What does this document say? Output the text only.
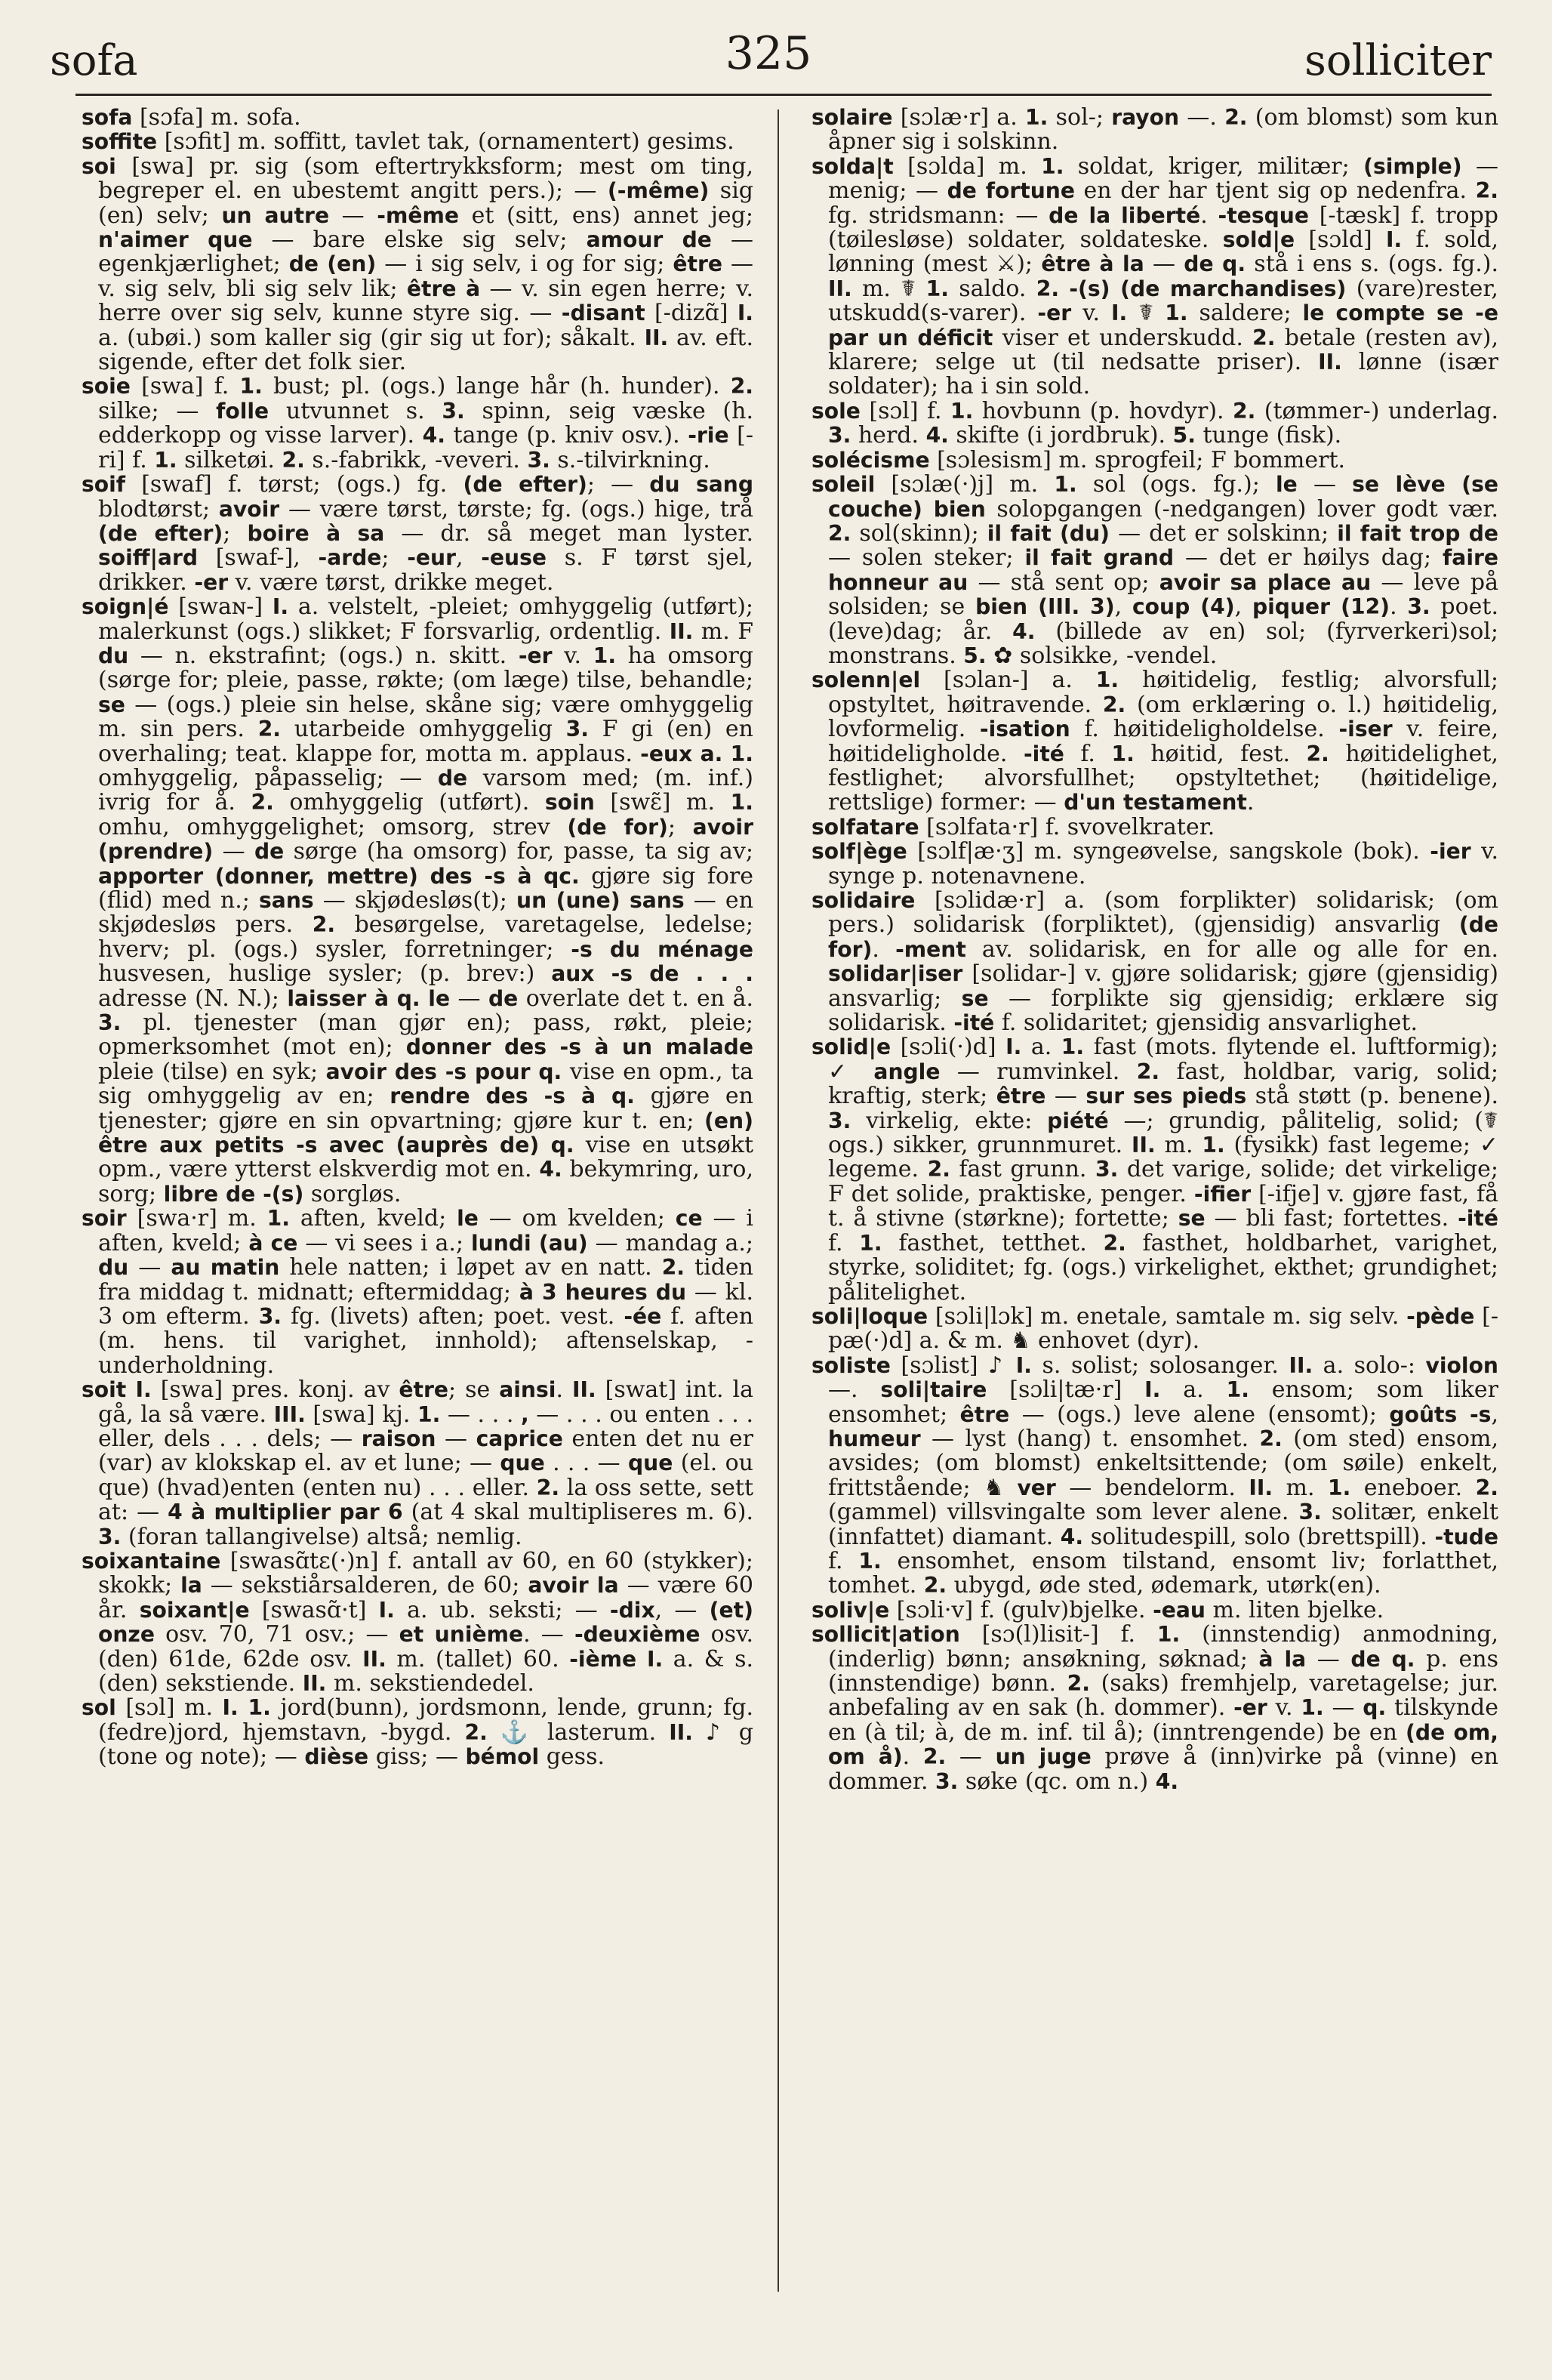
sofa	325	solliciter

sofa [sɔfa] m. sofa.

soffite [sɔfit] m. soffitt, tavlet tak, (ornamentert) gesims.

soi [swa] pr. sig (som eftertrykksform; mest om ting, begreper el. en ubestemt angitt pers.); — (-même) sig (en) selv; un autre — -même et (sitt, ens) annet jeg; n'aimer que — bare elske sig selv; amour de — egenkjærlighet; de (en) — i sig selv, i og for sig; être — v. sig selv, bli sig selv lik; être à — v. sin egen herre; v. herre over sig selv, kunne styre sig. — -disant [-dizɑ̃] I. a. (ubøi.) som kaller sig (gir sig ut for); såkalt. II. av. eft. sigende, efter det folk sier.

soie [swa] f. 1. bust; pl. (ogs.) lange hår (h. hunder). 2. silke; — folle utvunnet s. 3. spinn, seig væske (h. edderkopp og visse larver). 4. tange (p. kniv osv.). -rie [-ri] f. 1. silketøi. 2. s.-fabrikk, -veveri. 3. s.-tilvirkning.

soif [swaf] f. tørst; (ogs.) fg. (de efter); — du sang blodtørst; avoir — være tørst, tørste; fg. (ogs.) hige, trå (de efter); boire à sa — dr. så meget man lyster. soiff|ard [swaf-], -arde; -eur, -euse s. F tørst sjel, drikker. -er v. være tørst, drikke meget.

soign|é [swaɴ-] I. a. velstelt, -pleiet; omhyggelig (utført); malerkunst (ogs.) slikket; F forsvarlig, ordentlig. II. m. F du — n. ekstrafint; (ogs.) n. skitt. -er v. 1. ha omsorg (sørge for; pleie, passe, røkte; (om læge) tilse, behandle; se — (ogs.) pleie sin helse, skåne sig; være omhyggelig m. sin pers. 2. utarbeide omhyggelig 3. F gi (en) en overhaling; teat. klappe for, motta m. applaus. -eux a. 1. omhyggelig, påpasselig; — de varsom med; (m. inf.) ivrig for å. 2. omhyggelig (utført). soin [swɛ̃] m. 1. omhu, omhyggelighet; omsorg, strev (de for); avoir (prendre) — de sørge (ha omsorg) for, passe, ta sig av; apporter (donner, mettre) des -s à qc. gjøre sig fore (flid) med n.; sans — skjødesløs(t); un (une) sans — en skjødesløs pers. 2. besørgelse, varetagelse, ledelse; hverv; pl. (ogs.) sysler, forretninger; -s du ménage husvesen, huslige sysler; (p. brev:) aux -s de . . . adresse (N. N.); laisser à q. le — de overlate det t. en å. 3. pl. tjenester (man gjør en); pass, røkt, pleie; opmerksomhet (mot en); donner des -s à un malade pleie (tilse) en syk; avoir des -s pour q. vise en opm., ta sig omhyggelig av en; rendre des -s à q. gjøre en tjenester; gjøre en sin opvartning; gjøre kur t. en; (en) être aux petits -s avec (auprès de) q. vise en utsøkt opm., være ytterst elskverdig mot en. 4. bekymring, uro, sorg; libre de -(s) sorgløs.

soir [swa·r] m. 1. aften, kveld; le — om kvelden; ce — i aften, kveld; à ce — vi sees i a.; lundi (au) — mandag a.; du — au matin hele natten; i løpet av en natt. 2. tiden fra middag t. midnatt; eftermiddag; à 3 heures du — kl. 3 om efterm. 3. fg. (livets) aften; poet. vest. -ée f. aften (m. hens. til varighet, innhold); aftenselskap, -underholdning.

soit I. [swa] pres. konj. av être; se ainsi. II. [swat] int. la gå, la så være. III. [swa] kj. 1. — . . . , — . . . ou enten . . . eller, dels . . . dels; — raison — caprice enten det nu er (var) av klokskap el. av et lune; — que . . . — que (el. ou que) (hvad)enten (enten nu) . . . eller. 2. la oss sette, sett at: — 4 à multiplier par 6 (at 4 skal multipliseres m. 6). 3. (foran tallangivelse) altså; nemlig.

soixantaine [swasɑ̃tɛ(·)n] f. antall av 60, en 60 (stykker); skokk; la — sekstiårsalderen, de 60; avoir la — være 60 år. soixant|e [swasɑ̃·t] I. a. ub. seksti; — -dix, — (et) onze osv. 70, 71 osv.; — et unième. — -deuxième osv. (den) 61de, 62de osv. II. m. (tallet) 60. -ième I. a. & s. (den) sekstiende. II. m. sekstiendedel.

sol [sɔl] m. I. 1. jord(bunn), jordsmonn, lende, grunn; fg. (fedre)jord, hjemstavn, -bygd. 2. ⚓ lasterum. II. ♪ g (tone og note); — dièse giss; — bémol gess.

solaire [sɔlæ·r] a. 1. sol-; rayon —. 2. (om blomst) som kun åpner sig i solskinn.

solda|t [sɔlda] m. 1. soldat, kriger, militær; (simple) — menig; — de fortune en der har tjent sig op nedenfra. 2. fg. stridsmann: — de la liberté. -tesque [-tæsk] f. tropp (tøilesløse) soldater, soldateske. sold|e [sɔld] I. f. sold, lønning (mest ⚔); être à la — de q. stå i ens s. (ogs. fg.). II. m. ☤ 1. saldo. 2. -(s) (de marchandises) (vare)rester, utskudd(s-varer). -er v. I. ☤ 1. saldere; le compte se -e par un déficit viser et underskudd. 2. betale (resten av), klarere; selge ut (til nedsatte priser). II. lønne (især soldater); ha i sin sold.

sole [sɔl] f. 1. hovbunn (p. hovdyr). 2. (tømmer-) underlag. 3. herd. 4. skifte (i jordbruk). 5. tunge (fisk).

solécisme [sɔlesism] m. sprogfeil; F bommert.

soleil [sɔlæ(·)j] m. 1. sol (ogs. fg.); le — se lève (se couche) bien solopgangen (-nedgangen) lover godt vær. 2. sol(skinn); il fait (du) — det er solskinn; il fait trop de — solen steker; il fait grand — det er høilys dag; faire honneur au — stå sent op; avoir sa place au — leve på solsiden; se bien (III. 3), coup (4), piquer (12). 3. poet. (leve)dag; år. 4. (billede av en) sol; (fyrverkeri)sol; monstrans. 5. ✿ solsikke, -vendel.

solenn|el [sɔlan-] a. 1. høitidelig, festlig; alvorsfull; opstyltet, høitravende. 2. (om erklæring o. l.) høitidelig, lovformelig. -isation f. høitideligholdelse. -iser v. feire, høitideligholde. -ité f. 1. høitid, fest. 2. høitidelighet, festlighet; alvorsfullhet; opstyltethet; (høitidelige, rettslige) former: — d'un testament.

solfatare [sɔlfata·r] f. svovelkrater.

solf|ège [sɔlf|æ·ʒ] m. syngeøvelse, sangskole (bok). -ier v. synge p. notenavnene.

solidaire [sɔlidæ·r] a. (som forplikter) solidarisk; (om pers.) solidarisk (forpliktet), (gjensidig) ansvarlig (de for). -ment av. solidarisk, en for alle og alle for en. solidar|iser [solidar-] v. gjøre solidarisk; gjøre (gjensidig) ansvarlig; se — forplikte sig gjensidig; erklære sig solidarisk. -ité f. solidaritet; gjensidig ansvarlighet.

solid|e [sɔli(·)d] I. a. 1. fast (mots. flytende el. luftformig); ✓ angle — rumvinkel. 2. fast, holdbar, varig, solid; kraftig, sterk; être — sur ses pieds stå støtt (p. benene). 3. virkelig, ekte: piété —; grundig, pålitelig, solid; (☤ ogs.) sikker, grunnmuret. II. m. 1. (fysikk) fast legeme; ✓ legeme. 2. fast grunn. 3. det varige, solide; det virkelige; F det solide, praktiske, penger. -ifier [-ifje] v. gjøre fast, få t. å stivne (størkne); fortette; se — bli fast; fortettes. -ité f. 1. fasthet, tetthet. 2. fasthet, holdbarhet, varighet, styrke, soliditet; fg. (ogs.) virkelighet, ekthet; grundighet; pålitelighet.

soli|loque [sɔli|lɔk] m. enetale, samtale m. sig selv. -pède [-pæ(·)d] a. & m. ♞ enhovet (dyr).

soliste [sɔlist] ♪ I. s. solist; solosanger. II. a. solo-: violon —. soli|taire [sɔli|tæ·r] I. a. 1. ensom; som liker ensomhet; être — (ogs.) leve alene (ensomt); goûts -s, humeur — lyst (hang) t. ensomhet. 2. (om sted) ensom, avsides; (om blomst) enkeltsittende; (om søile) enkelt, frittstående; ♞ ver — bendelorm. II. m. 1. eneboer. 2. (gammel) villsvingalte som lever alene. 3. solitær, enkelt (innfattet) diamant. 4. solitudespill, solo (brettspill). -tude f. 1. ensomhet, ensom tilstand, ensomt liv; forlatthet, tomhet. 2. ubygd, øde sted, ødemark, utørk(en).

soliv|e [sɔli·v] f. (gulv)bjelke. -eau m. liten bjelke.

sollicit|ation [sɔ(l)lisit-] f. 1. (innstendig) anmodning, (inderlig) bønn; ansøkning, søknad; à la — de q. p. ens (innstendige) bønn. 2. (saks) fremhjelp, varetagelse; jur. anbefaling av en sak (h. dommer). -er v. 1. — q. tilskynde en (à til; à, de m. inf. til å); (inntrengende) be en (de om, om å). 2. — un juge prøve å (inn)virke på (vinne) en dommer. 3. søke (qc. om n.) 4.
